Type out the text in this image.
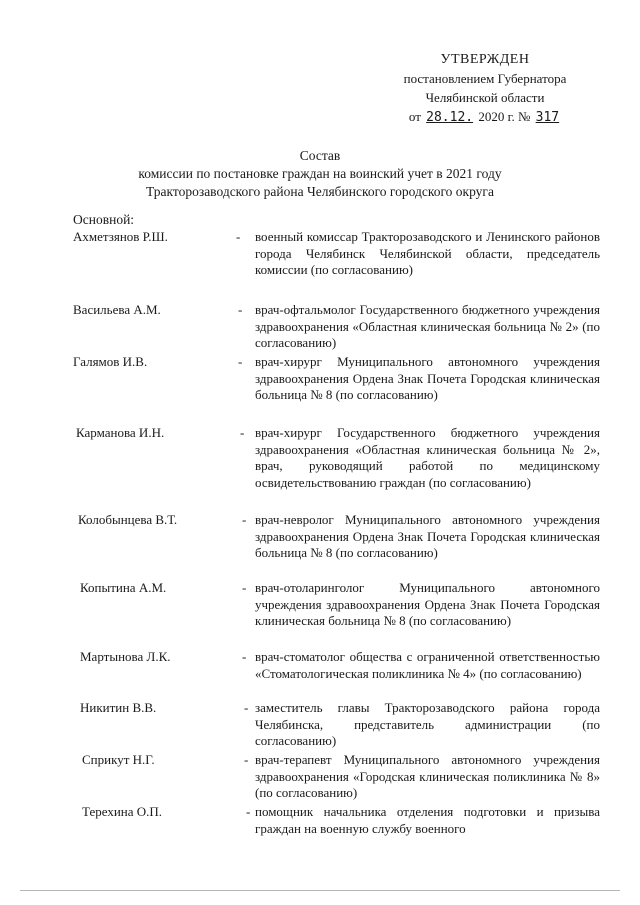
УТВЕРЖДЕН
постановлением Губернатора
Челябинской области
от 28.12. 2020 г. № 317
Состав
комиссии по постановке граждан на воинский учет в 2021 году
Тракторозаводского района Челябинского городского округа
Основной:
Ахметзянов Р.Ш.	- военный комиссар Тракторозаводского и Ленинского районов города Челябинск Челябинской области, председатель комиссии (по согласованию)
Васильева А.М.	- врач-офтальмолог Государственного бюджетного учреждения здравоохранения «Областная клиническая больница № 2» (по согласованию)
Галямов И.В.	- врач-хирург Муниципального автономного учреждения здравоохранения Ордена Знак Почета Городская клиническая больница № 8 (по согласованию)
Карманова И.Н.	- врач-хирург Государственного бюджетного учреждения здравоохранения «Областная клиническая больница № 2», врач, руководящий работой по медицинскому освидетельствованию граждан (по согласованию)
Колобынцева В.Т.	- врач-невролог Муниципального автономного учреждения здравоохранения Ордена Знак Почета Городская клиническая больница № 8 (по согласованию)
Копытина А.М.	- врач-отоларинголог Муниципального автономного учреждения здравоохранения Ордена Знак Почета Городская клиническая больница № 8 (по согласованию)
Мартынова Л.К.	- врач-стоматолог общества с ограниченной ответственностью «Стоматологическая поликлиника № 4» (по согласованию)
Никитин В.В.	- заместитель главы Тракторозаводского района города Челябинска, представитель администрации (по согласованию)
Сприкут Н.Г.	- врач-терапевт Муниципального автономного учреждения здравоохранения «Городская клиническая поликлиника № 8» (по согласованию)
Терехина О.П.	- помощник начальника отделения подготовки и призыва граждан на военную службу военного
